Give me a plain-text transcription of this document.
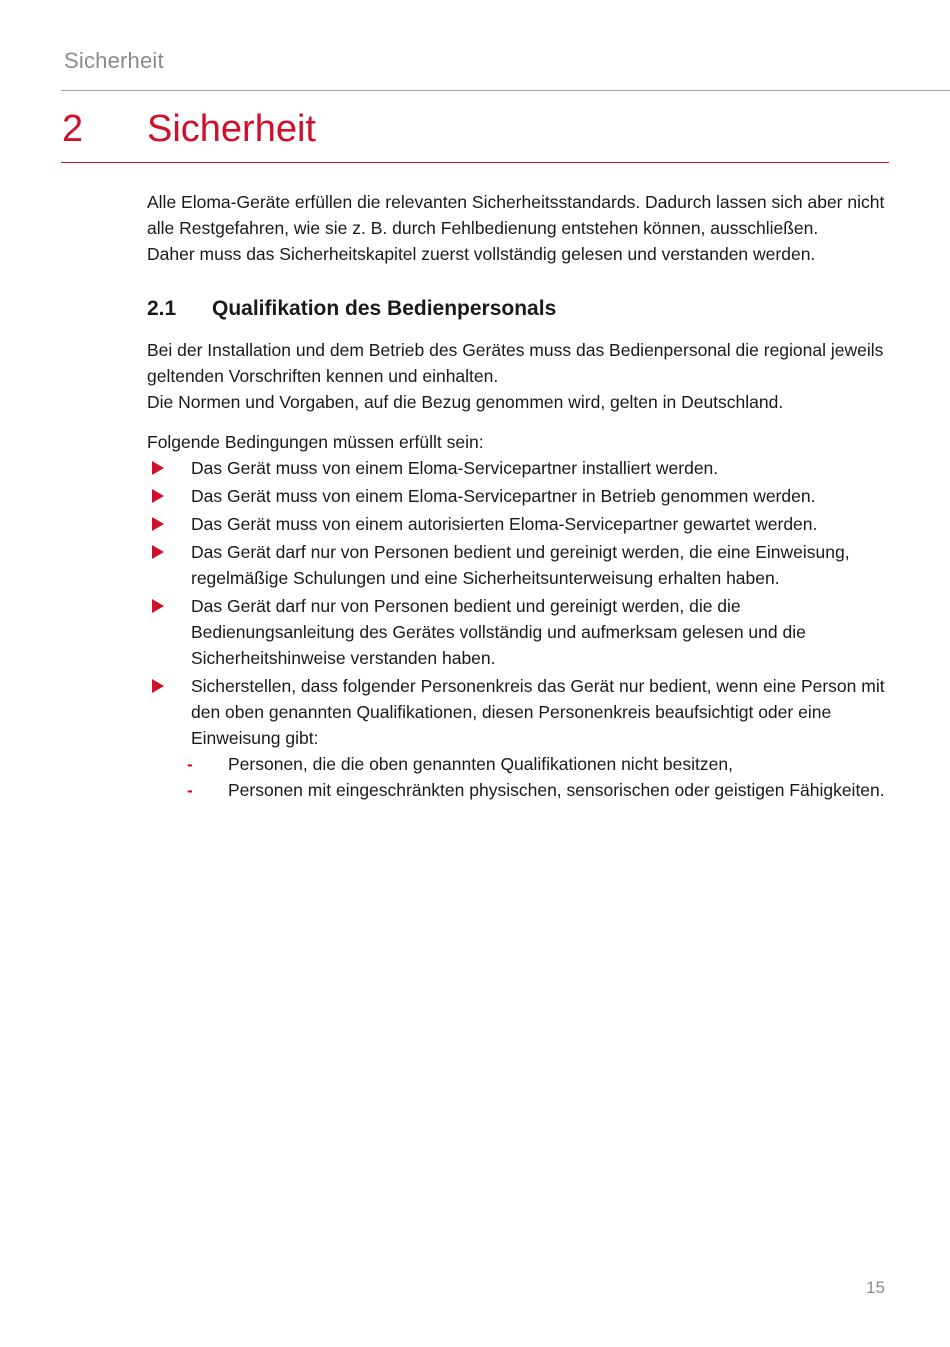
Sicherheit
2 Sicherheit

Alle Eloma-Geräte erfüllen die relevanten Sicherheitsstandards. Dadurch lassen sich aber nicht alle Restgefahren, wie sie z. B. durch Fehlbedienung entstehen können, ausschließen.

Daher muss das Sicherheitskapitel zuerst vollständig gelesen und verstanden werden.

2.1 Qualifikation des Bedienpersonals

Bei der Installation und dem Betrieb des Gerätes muss das Bedienpersonal die regional jeweils geltenden Vorschriften kennen und einhalten.

Die Normen und Vorgaben, auf die Bezug genommen wird, gelten in Deutschland.

Folgende Bedingungen müssen erfüllt sein:

Das Gerät muss von einem Eloma-Servicepartner installiert werden.
Das Gerät muss von einem Eloma-Servicepartner in Betrieb genommen werden.
Das Gerät muss von einem autorisierten Eloma-Servicepartner gewartet werden.
Das Gerät darf nur von Personen bedient und gereinigt werden, die eine Einweisung, regelmäßige Schulungen und eine Sicherheitsunterweisung erhalten haben.
Das Gerät darf nur von Personen bedient und gereinigt werden, die die Bedienungsanleitung des Gerätes vollständig und aufmerksam gelesen und die Sicherheitshinweise verstanden haben.
Sicherstellen, dass folgender Personenkreis das Gerät nur bedient, wenn eine Person mit den oben genannten Qualifikationen, diesen Personenkreis beaufsichtigt oder eine Einweisung gibt:
- Personen, die die oben genannten Qualifikationen nicht besitzen,
- Personen mit eingeschränkten physischen, sensorischen oder geistigen Fähigkeiten.
15
